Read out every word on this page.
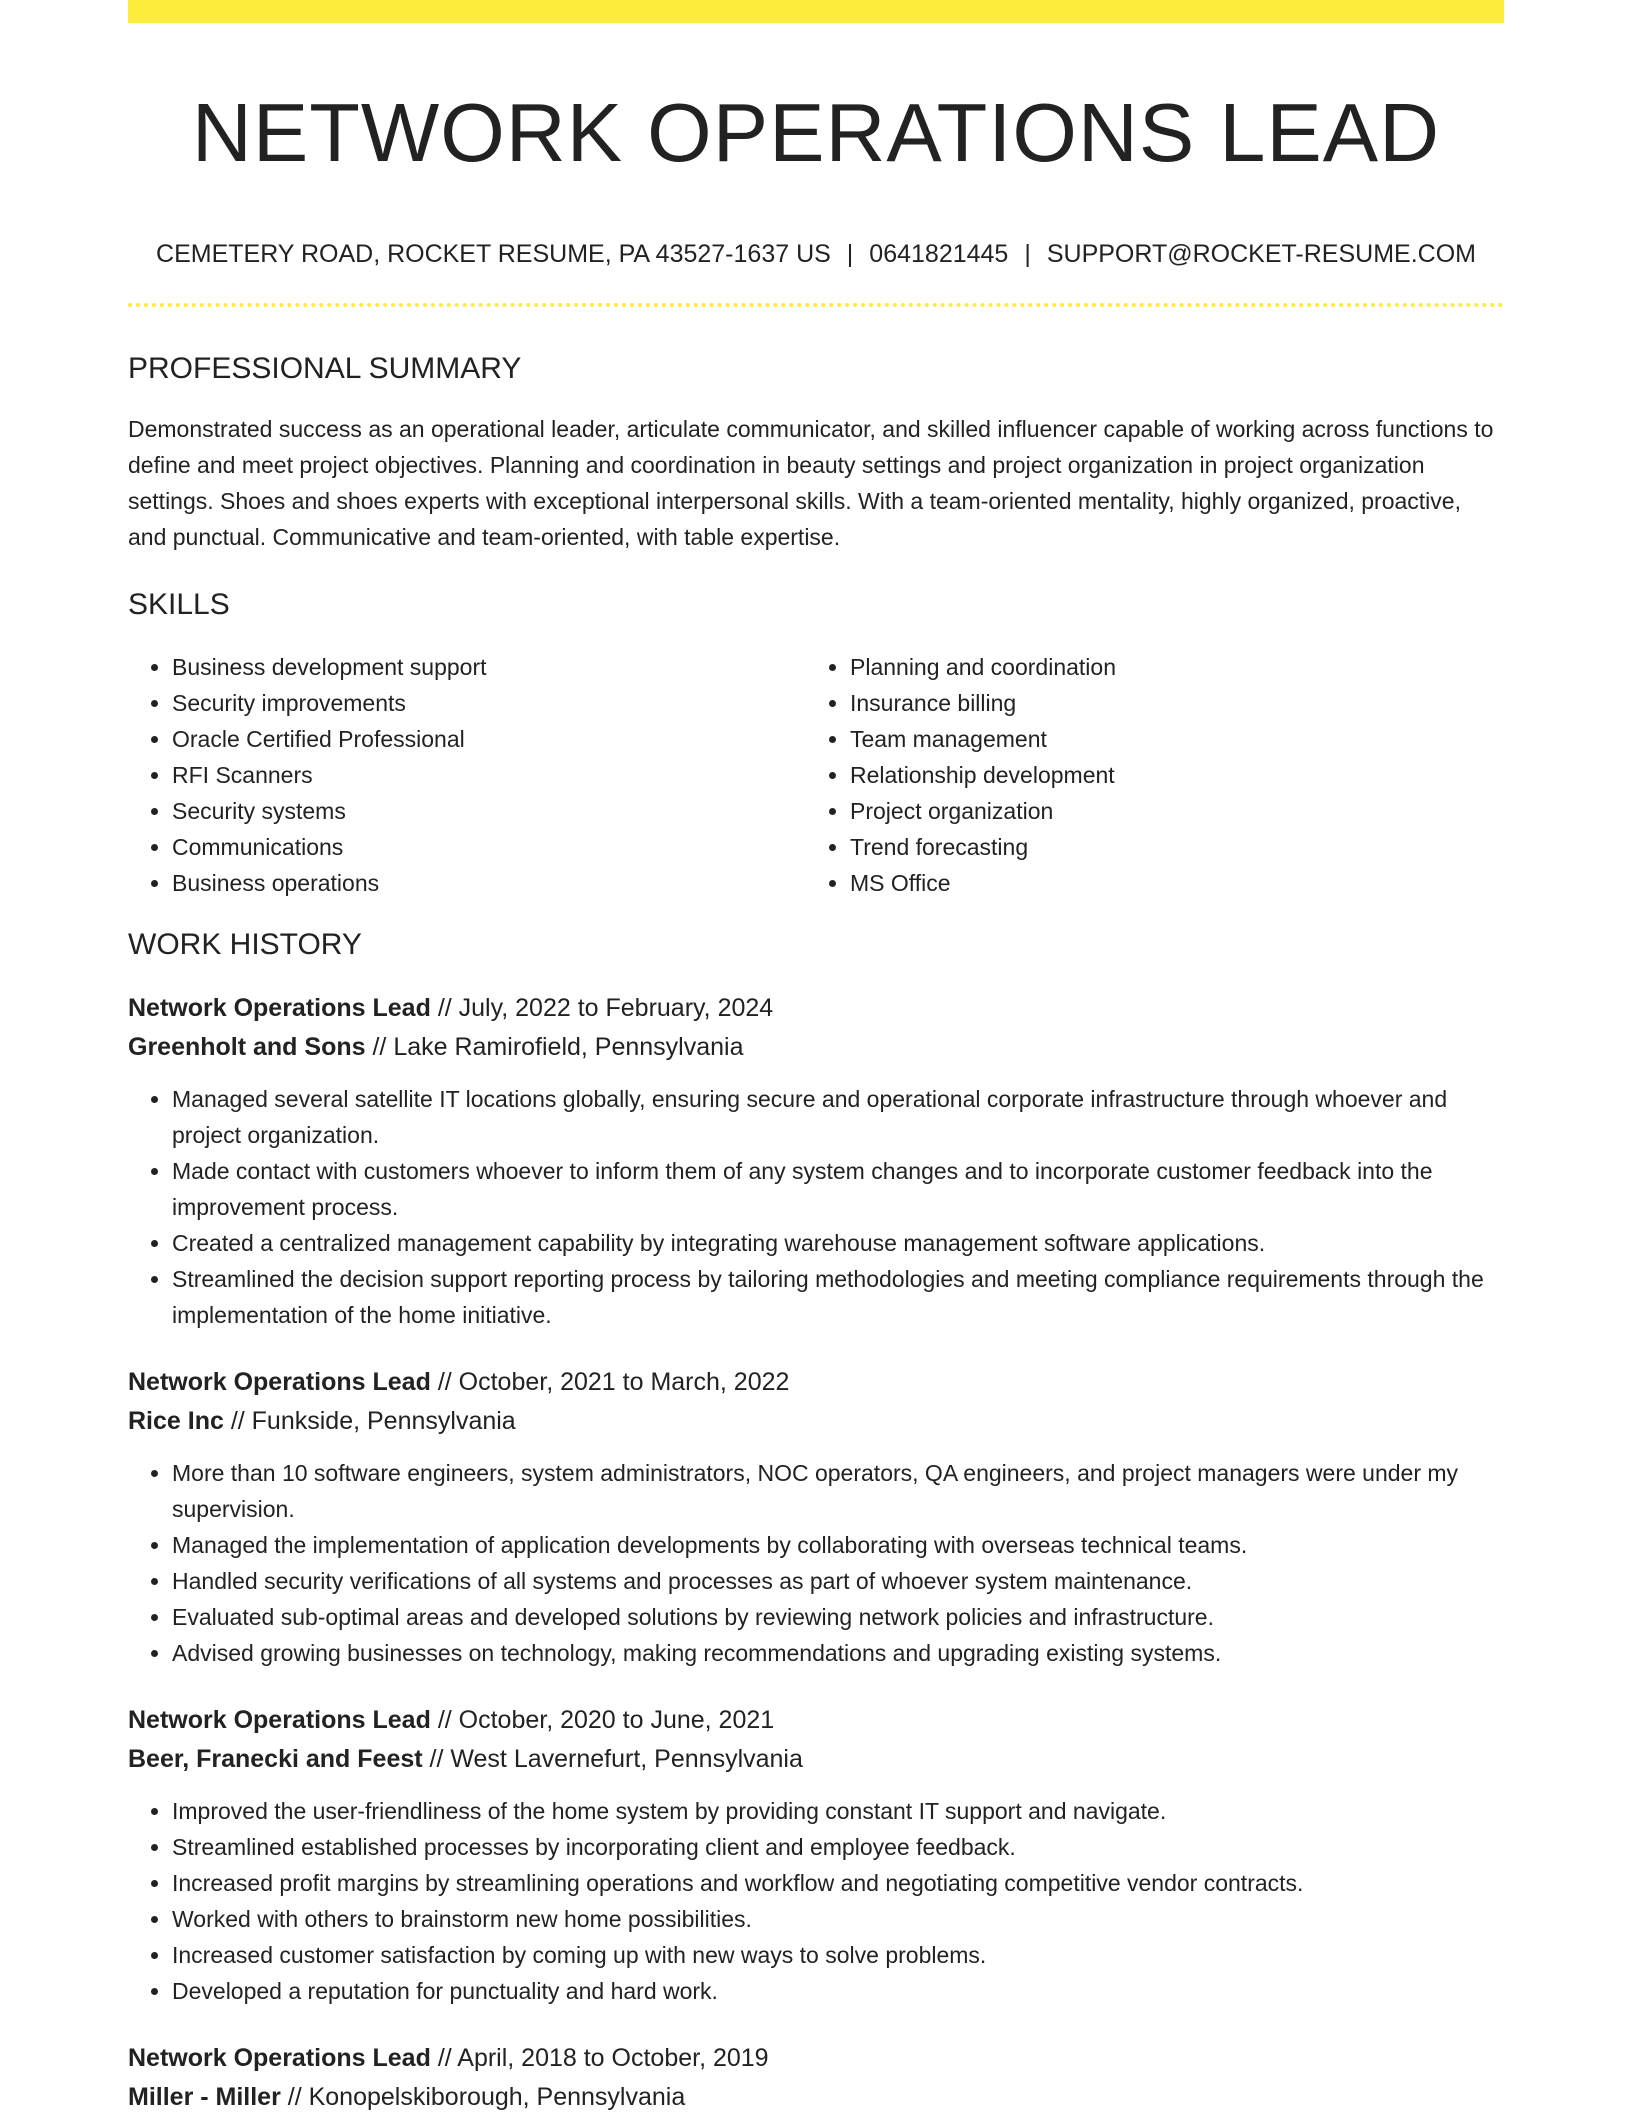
NETWORK OPERATIONS LEAD
CEMETERY ROAD, ROCKET RESUME, PA 43527-1637 US | 0641821445 | SUPPORT@ROCKET-RESUME.COM
PROFESSIONAL SUMMARY

Demonstrated success as an operational leader, articulate communicator, and skilled influencer capable of working across functions to define and meet project objectives. Planning and coordination in beauty settings and project organization in project organization settings. Shoes and shoes experts with exceptional interpersonal skills. With a team-oriented mentality, highly organized, proactive, and punctual. Communicative and team-oriented, with table expertise.

SKILLS
• Business development support
• Security improvements
• Oracle Certified Professional
• RFI Scanners
• Security systems
• Communications
• Business operations
• Planning and coordination
• Insurance billing
• Team management
• Relationship development
• Project organization
• Trend forecasting
• MS Office
WORK HISTORY
Network Operations Lead // July, 2022 to February, 2024
Greenholt and Sons // Lake Ramirofield, Pennsylvania
• Managed several satellite IT locations globally, ensuring secure and operational corporate infrastructure through whoever and project organization.
• Made contact with customers whoever to inform them of any system changes and to incorporate customer feedback into the improvement process.
• Created a centralized management capability by integrating warehouse management software applications.
• Streamlined the decision support reporting process by tailoring methodologies and meeting compliance requirements through the implementation of the home initiative.
Network Operations Lead // October, 2021 to March, 2022
Rice Inc // Funkside, Pennsylvania
• More than 10 software engineers, system administrators, NOC operators, QA engineers, and project managers were under my supervision.
• Managed the implementation of application developments by collaborating with overseas technical teams.
• Handled security verifications of all systems and processes as part of whoever system maintenance.
• Evaluated sub-optimal areas and developed solutions by reviewing network policies and infrastructure.
• Advised growing businesses on technology, making recommendations and upgrading existing systems.
Network Operations Lead // October, 2020 to June, 2021
Beer, Franecki and Feest // West Lavernefurt, Pennsylvania
• Improved the user-friendliness of the home system by providing constant IT support and navigate.
• Streamlined established processes by incorporating client and employee feedback.
• Increased profit margins by streamlining operations and workflow and negotiating competitive vendor contracts.
• Worked with others to brainstorm new home possibilities.
• Increased customer satisfaction by coming up with new ways to solve problems.
• Developed a reputation for punctuality and hard work.
Network Operations Lead // April, 2018 to October, 2019
Miller - Miller // Konopelskiborough, Pennsylvania
